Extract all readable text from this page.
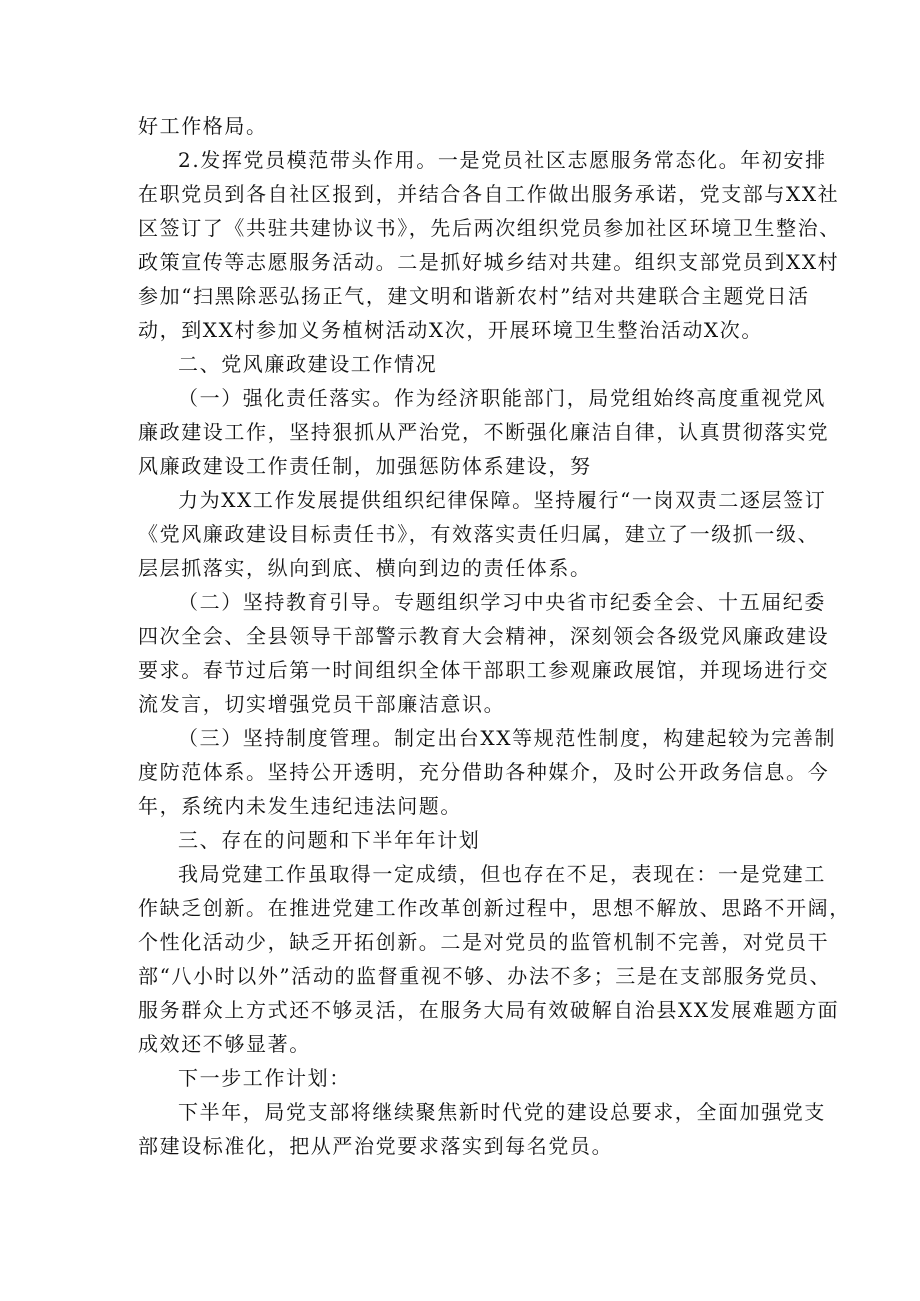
好工作格局。
2.发挥党员模范带头作用。一是党员社区志愿服务常态化。年初安排
在职党员到各自社区报到，并结合各自工作做出服务承诺，党支部与XX社
区签订了《共驻共建协议书》，先后两次组织党员参加社区环境卫生整治、
政策宣传等志愿服务活动。二是抓好城乡结对共建。组织支部党员到XX村
参加“扫黑除恶弘扬正气，建文明和谐新农村”结对共建联合主题党日活
动，到XX村参加义务植树活动X次，开展环境卫生整治活动X次。
二、党风廉政建设工作情况
（一）强化责任落实。作为经济职能部门，局党组始终高度重视党风
廉政建设工作，坚持狠抓从严治党，不断强化廉洁自律，认真贯彻落实党
风廉政建设工作责任制，加强惩防体系建设，努
力为XX工作发展提供组织纪律保障。坚持履行“一岗双责二逐层签订
《党风廉政建设目标责任书》，有效落实责任归属，建立了一级抓一级、
层层抓落实，纵向到底、横向到边的责任体系。
（二）坚持教育引导。专题组织学习中央省市纪委全会、十五届纪委
四次全会、全县领导干部警示教育大会精神，深刻领会各级党风廉政建设
要求。春节过后第一时间组织全体干部职工参观廉政展馆，并现场进行交
流发言，切实增强党员干部廉洁意识。
（三）坚持制度管理。制定出台XX等规范性制度，构建起较为完善制
度防范体系。坚持公开透明，充分借助各种媒介，及时公开政务信息。今
年，系统内未发生违纪违法问题。
三、存在的问题和下半年年计划
我局党建工作虽取得一定成绩，但也存在不足，表现在：一是党建工
作缺乏创新。在推进党建工作改革创新过程中，思想不解放、思路不开阔，
个性化活动少，缺乏开拓创新。二是对党员的监管机制不完善，对党员干
部“八小时以外”活动的监督重视不够、办法不多；三是在支部服务党员、
服务群众上方式还不够灵活，在服务大局有效破解自治县XX发展难题方面
成效还不够显著。
下一步工作计划：
下半年，局党支部将继续聚焦新时代党的建设总要求，全面加强党支
部建设标准化，把从严治党要求落实到每名党员。
